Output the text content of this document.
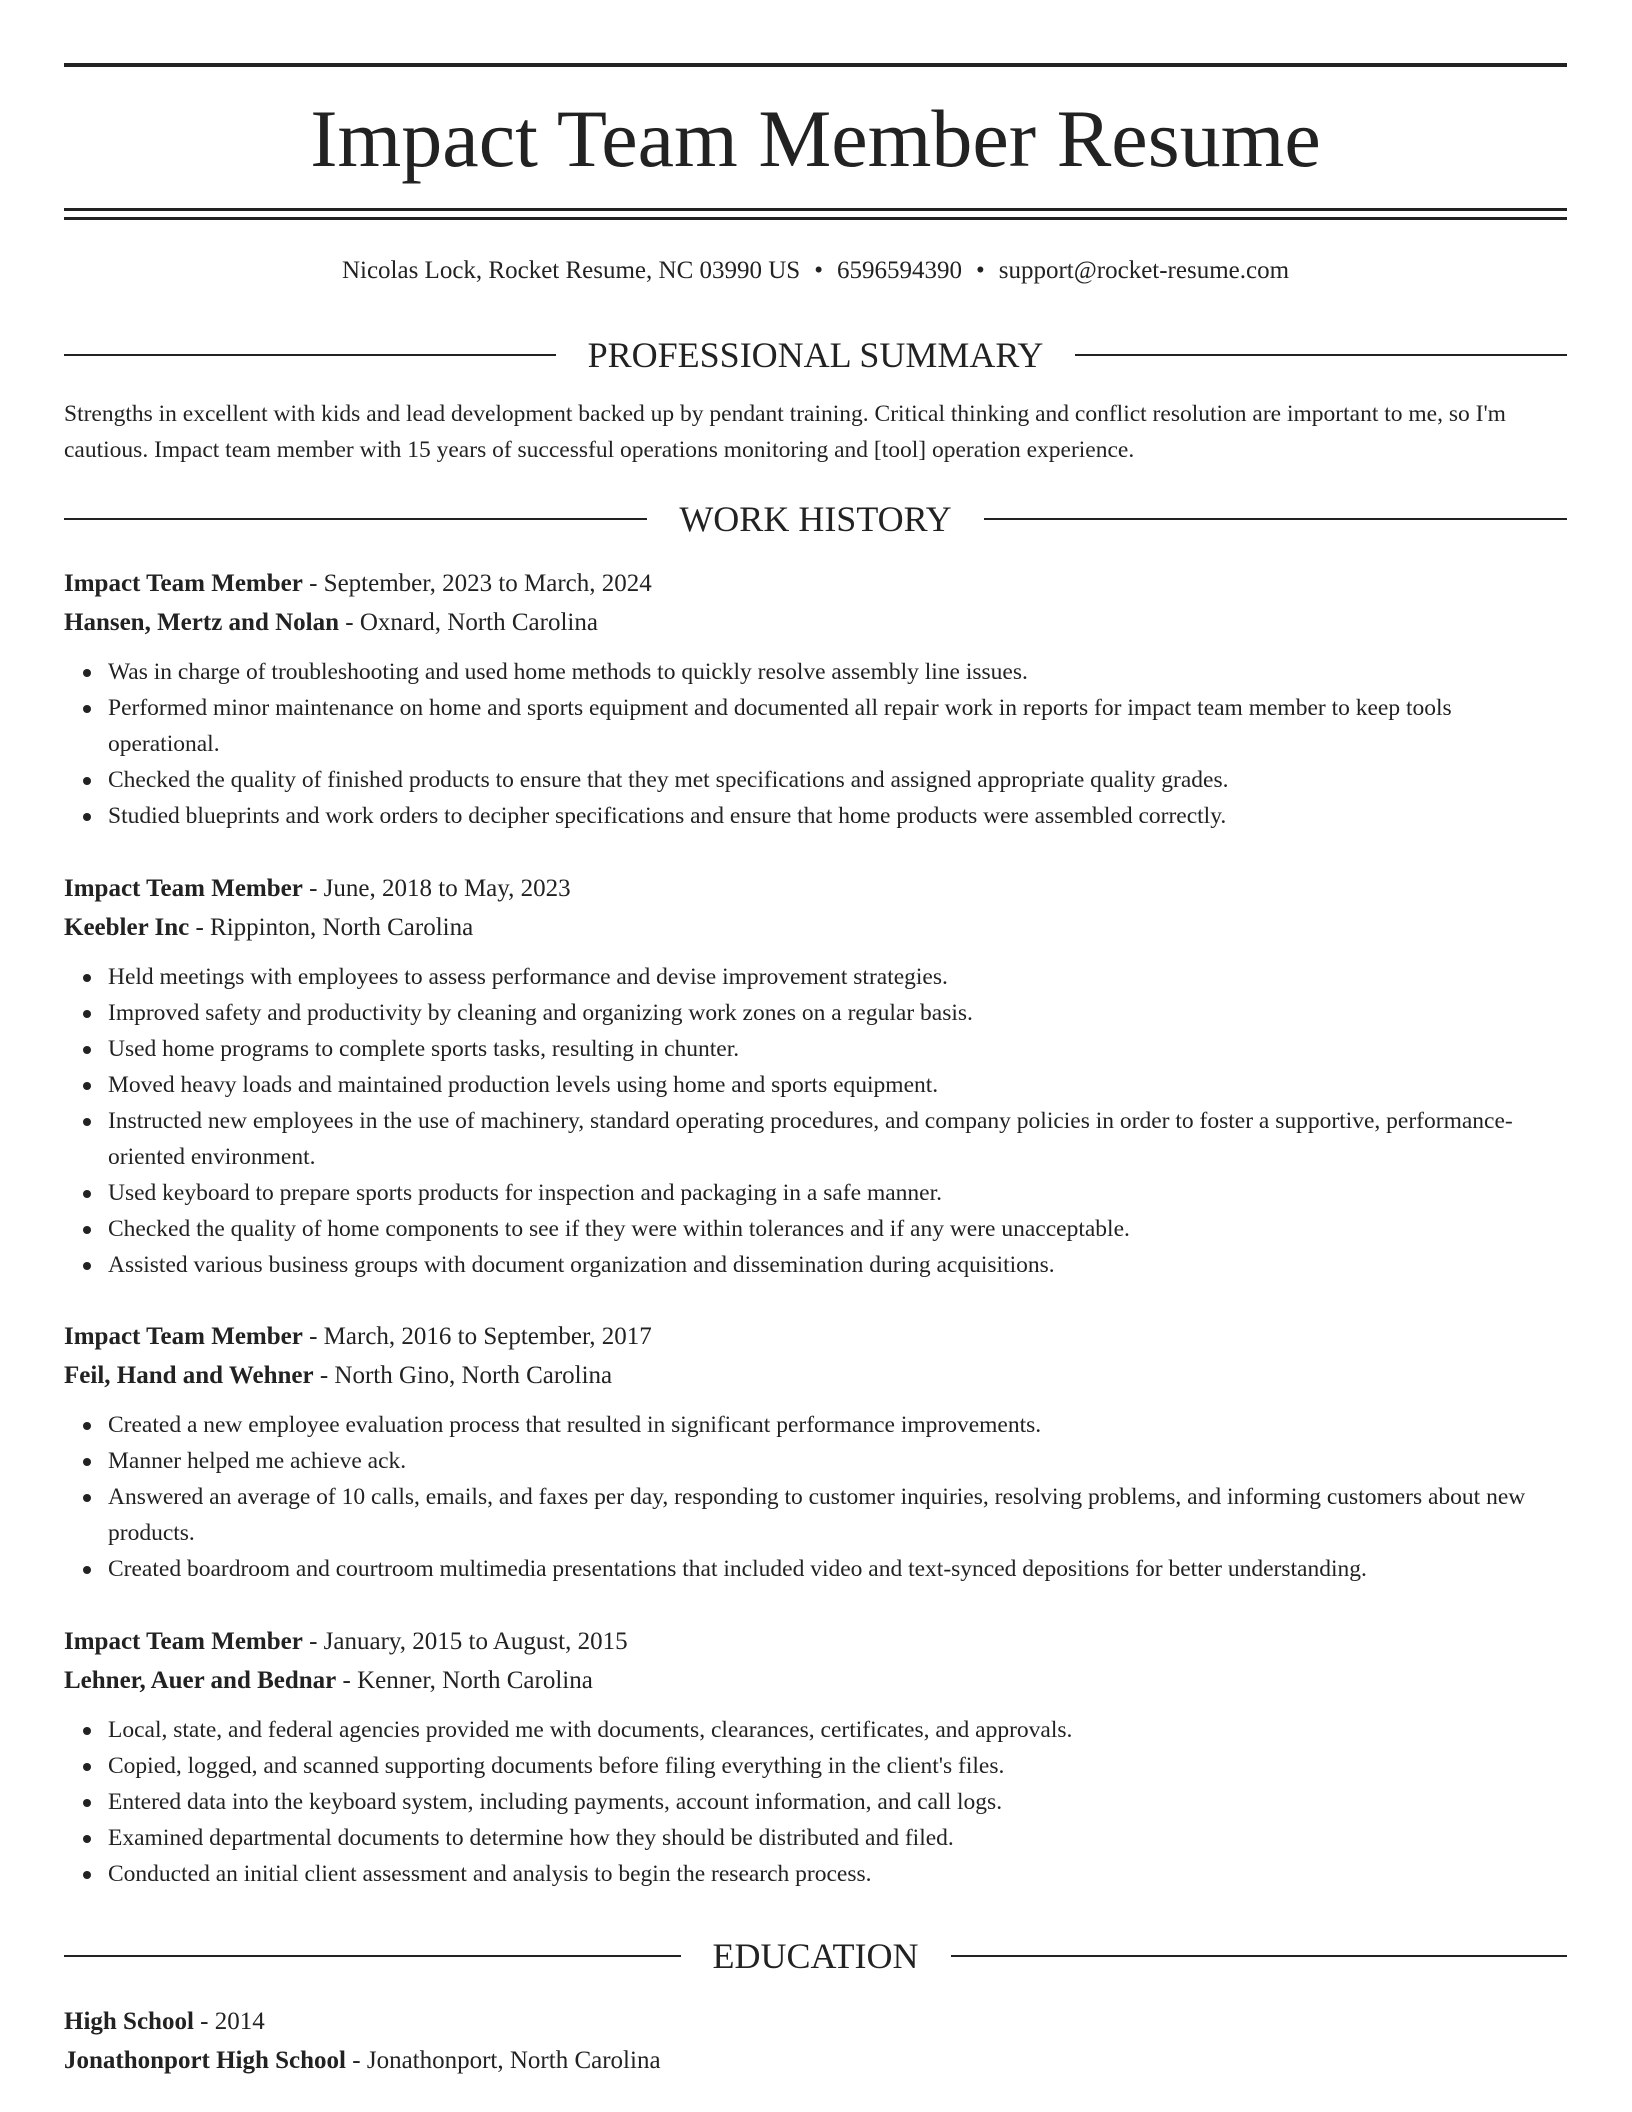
Impact Team Member Resume
Nicolas Lock, Rocket Resume, NC 03990 US • 6596594390 • support@rocket-resume.com
PROFESSIONAL SUMMARY

Strengths in excellent with kids and lead development backed up by pendant training. Critical thinking and conflict resolution are important to me, so I'm cautious. Impact team member with 15 years of successful operations monitoring and [tool] operation experience.

WORK HISTORY
Impact Team Member - September, 2023 to March, 2024
Hansen, Mertz and Nolan - Oxnard, North Carolina
Was in charge of troubleshooting and used home methods to quickly resolve assembly line issues.
Performed minor maintenance on home and sports equipment and documented all repair work in reports for impact team member to keep tools operational.
Checked the quality of finished products to ensure that they met specifications and assigned appropriate quality grades.
Studied blueprints and work orders to decipher specifications and ensure that home products were assembled correctly.
Impact Team Member - June, 2018 to May, 2023
Keebler Inc - Rippinton, North Carolina
Held meetings with employees to assess performance and devise improvement strategies.
Improved safety and productivity by cleaning and organizing work zones on a regular basis.
Used home programs to complete sports tasks, resulting in chunter.
Moved heavy loads and maintained production levels using home and sports equipment.
Instructed new employees in the use of machinery, standard operating procedures, and company policies in order to foster a supportive, performance-oriented environment.
Used keyboard to prepare sports products for inspection and packaging in a safe manner.
Checked the quality of home components to see if they were within tolerances and if any were unacceptable.
Assisted various business groups with document organization and dissemination during acquisitions.
Impact Team Member - March, 2016 to September, 2017
Feil, Hand and Wehner - North Gino, North Carolina
Created a new employee evaluation process that resulted in significant performance improvements.
Manner helped me achieve ack.
Answered an average of 10 calls, emails, and faxes per day, responding to customer inquiries, resolving problems, and informing customers about new products.
Created boardroom and courtroom multimedia presentations that included video and text-synced depositions for better understanding.
Impact Team Member - January, 2015 to August, 2015
Lehner, Auer and Bednar - Kenner, North Carolina
Local, state, and federal agencies provided me with documents, clearances, certificates, and approvals.
Copied, logged, and scanned supporting documents before filing everything in the client's files.
Entered data into the keyboard system, including payments, account information, and call logs.
Examined departmental documents to determine how they should be distributed and filed.
Conducted an initial client assessment and analysis to begin the research process.
EDUCATION
High School - 2014
Jonathonport High School - Jonathonport, North Carolina
